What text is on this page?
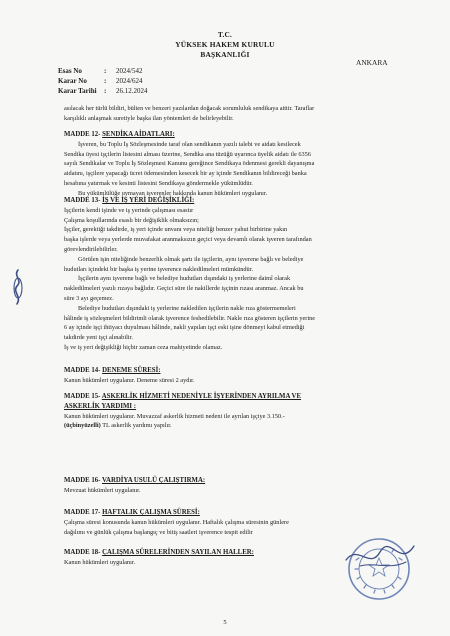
T.C.
YÜKSEK HAKEM KURULU
BAŞKANLIĞI
ANKARA
Esas No	: 2024/542
Karar No : 2024/624
Karar Tarihi : 26.12.2024

asılacak her türlü bildiri, bülten ve benzeri yazılardan doğacak sorumluluk sendikaya aittir. Taraflar

karşılıklı anlaşmak suretiyle başka ilan yöntemleri de belirleyebilir.

MADDE 12- SENDİKA AİDATLARI:

İşveren, bu Toplu İş Sözleşmesinde taraf olan sendikanın yazılı talebi ve aidatı kesilecek

Sendika üyesi işçilerin listesini alması üzerine, Sendika ana tüzüğü uyarınca üyelik aidatı ile 6356

sayılı Sendikalar ve Toplu İş Sözleşmesi Kanunu gereğince Sendikaya ödenmesi gerekli dayanışma

aidatını, işçilere yapacağı ücret ödemesinden kesecek bir ay içinde Sendikanın bildireceği banka

hesabına yatırmak ve kesinti listesini Sendikaya göndermekle yükümlüdür.

Bu yükümlülüğe uymayan işverenler hakkında kanun hükümleri uygulanır.

MADDE 13- İŞ VE İŞ YERİ DEĞİŞİKLİĞİ:

İşçilerin kendi işinde ve iş yerinde çalışması esastır

Çalışma koşullarında esaslı bir değişiklik olmaksızın;

İşçiler, gerektiği takdirde, iş yeri içinde unvanı veya niteliği benzer yahut birbirine yakın

başka işlerde veya yerlerde muvafakat aranmaksızın geçici veya devamlı olarak işveren tarafından

görevlendirilebilirler.

Görülen işin niteliğinde benzerlik olmak şartı ile işçilerin, aynı işverene bağlı ve belediye

hudutları içindeki bir başka iş yerine işverence nakledilmeleri mümkündür.

İşçilerin aynı işverene bağlı ve belediye hudutları dışındaki iş yerlerine daimî olarak

nakledilmeleri yazılı rızaya bağlıdır. Geçici süre ile nakillerde işçinin rızası aranmaz. Ancak bu

süre 3 ayı geçemez.

Belediye hudutları dışındaki iş yerlerine nakledilen işçilerin nakle rıza göstermemeleri

hâlinde iş sözleşmeleri bildirimli olarak işverence feshedilebilir. Nakle rıza gösteren işçilerin yerine

6 ay içinde işçi ihtiyacı duyulması hâlinde, nakli yapılan işçi eski işine dönmeyi kabul etmediği

takdirde yeni işçi alınabilir.

İş ve iş yeri değişikliği hiçbir zaman ceza mahiyetinde olamaz.

MADDE 14- DENEME SÜRESİ:

Kanun hükümleri uygulanır. Deneme süresi 2 aydır.

MADDE 15- ASKERLİK HİZMETİ NEDENİYLE İŞYERİNDEN AYRILMA VE

ASKERLİK YARDIMI :

Kanun hükümleri uygulanır. Muvazzaf askerlik hizmeti nedeni ile ayrılan işçiye 3.150.-

(üçbinyüzelli) TL askerlik yardımı yapılır.

MADDE 16- VARDİYA USULÜ ÇALIŞTIRMA:

Mevzuat hükümleri uygulanır.

MADDE 17- HAFTALIK ÇALIŞMA SÜRESİ:

Çalışma süresi konusunda kanun hükümleri uygulanır. Haftalık çalışma süresinin günlere

dağılımı ve günlük çalışma başlangıç ve bitiş saatleri işverence tespit edilir

MADDE 18- ÇALIŞMA SÜRELERİNDEN SAYILAN HALLER:

Kanun hükümleri uygulanır.

5
